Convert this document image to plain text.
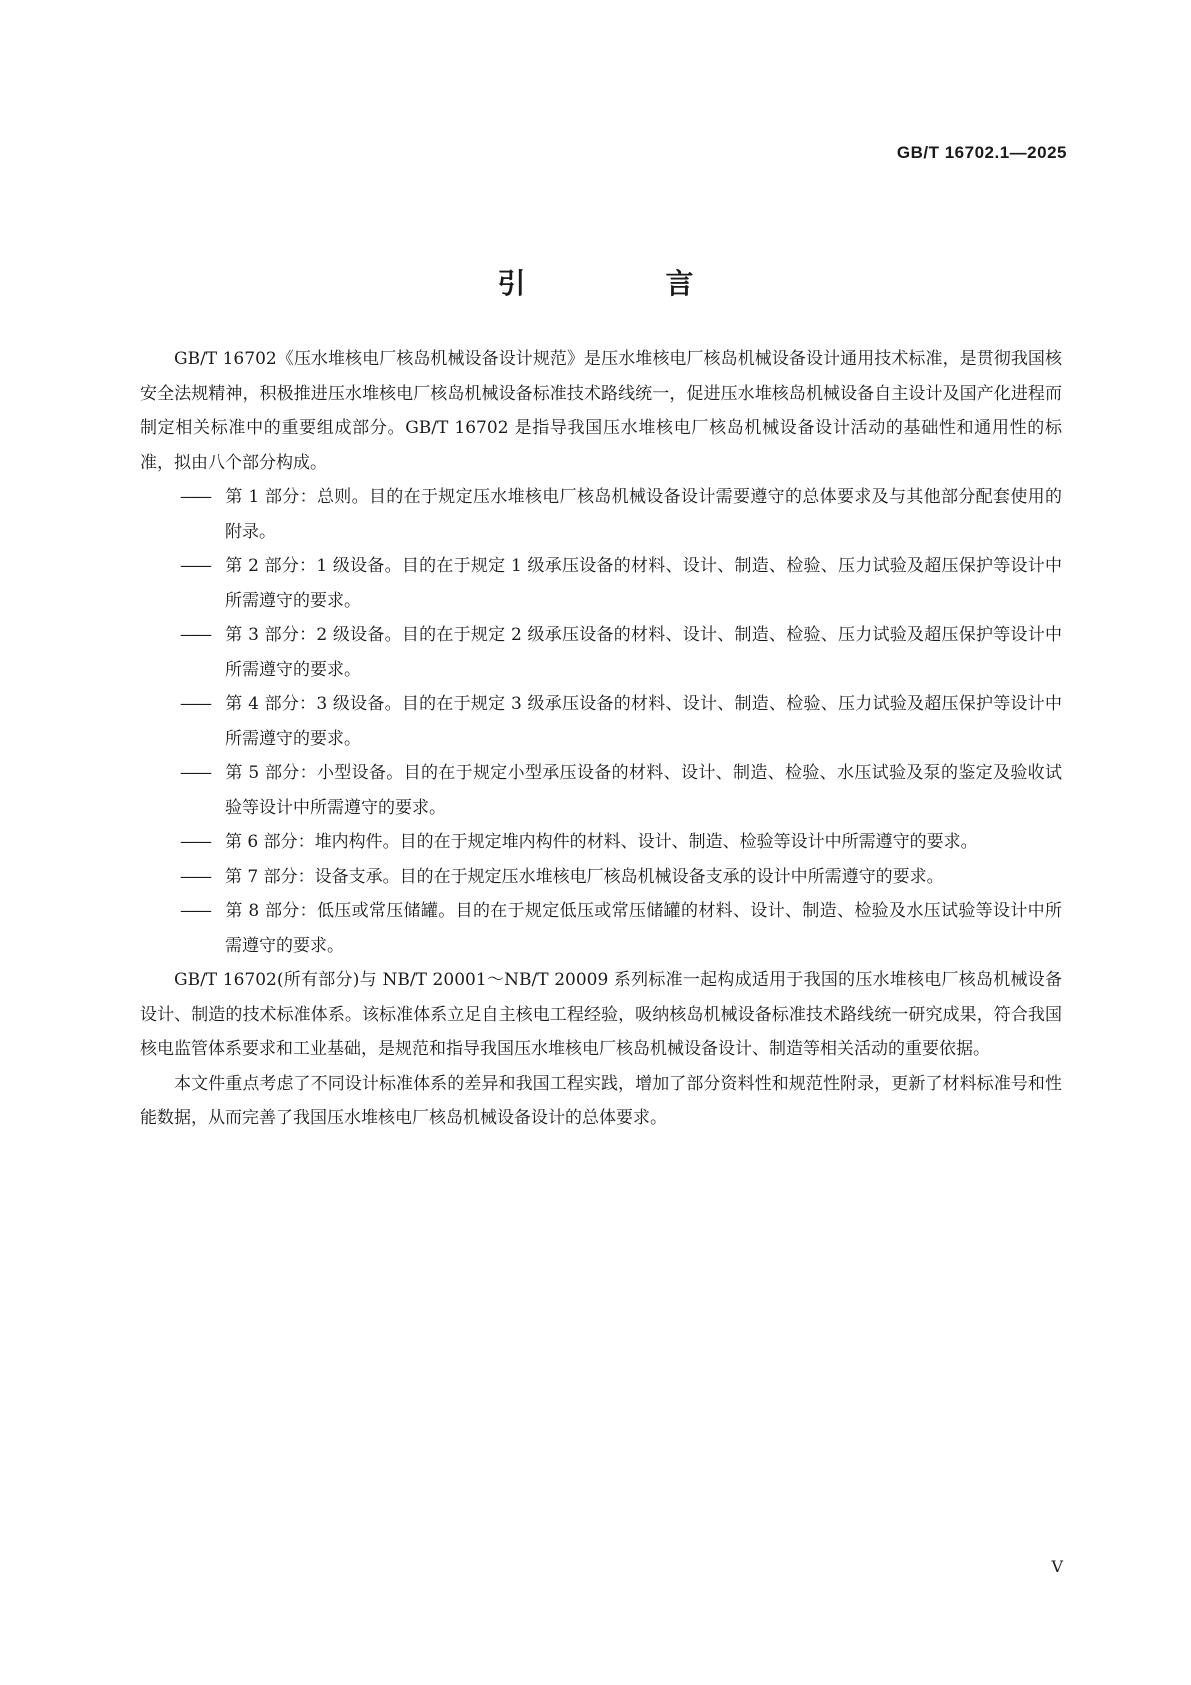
GB/T 16702.1—2025
引　言

GB/T 16702《压水堆核电厂核岛机械设备设计规范》是压水堆核电厂核岛机械设备设计通用技术标准，是贯彻我国核安全法规精神，积极推进压水堆核电厂核岛机械设备标准技术路线统一，促进压水堆核岛机械设备自主设计及国产化进程而制定相关标准中的重要组成部分。GB/T 16702 是指导我国压水堆核电厂核岛机械设备设计活动的基础性和通用性的标准，拟由八个部分构成。

—— 第 1 部分：总则。目的在于规定压水堆核电厂核岛机械设备设计需要遵守的总体要求及与其他部分配套使用的附录。
—— 第 2 部分：1 级设备。目的在于规定 1 级承压设备的材料、设计、制造、检验、压力试验及超压保护等设计中所需遵守的要求。
—— 第 3 部分：2 级设备。目的在于规定 2 级承压设备的材料、设计、制造、检验、压力试验及超压保护等设计中所需遵守的要求。
—— 第 4 部分：3 级设备。目的在于规定 3 级承压设备的材料、设计、制造、检验、压力试验及超压保护等设计中所需遵守的要求。
—— 第 5 部分：小型设备。目的在于规定小型承压设备的材料、设计、制造、检验、水压试验及泵的鉴定及验收试验等设计中所需遵守的要求。
—— 第 6 部分：堆内构件。目的在于规定堆内构件的材料、设计、制造、检验等设计中所需遵守的要求。
—— 第 7 部分：设备支承。目的在于规定压水堆核电厂核岛机械设备支承的设计中所需遵守的要求。
—— 第 8 部分：低压或常压储罐。目的在于规定低压或常压储罐的材料、设计、制造、检验及水压试验等设计中所需遵守的要求。

GB/T 16702(所有部分)与 NB/T 20001～NB/T 20009 系列标准一起构成适用于我国的压水堆核电厂核岛机械设备设计、制造的技术标准体系。该标准体系立足自主核电工程经验，吸纳核岛机械设备标准技术路线统一研究成果，符合我国核电监管体系要求和工业基础，是规范和指导我国压水堆核电厂核岛机械设备设计、制造等相关活动的重要依据。

本文件重点考虑了不同设计标准体系的差异和我国工程实践，增加了部分资料性和规范性附录，更新了材料标准号和性能数据，从而完善了我国压水堆核电厂核岛机械设备设计的总体要求。

V
